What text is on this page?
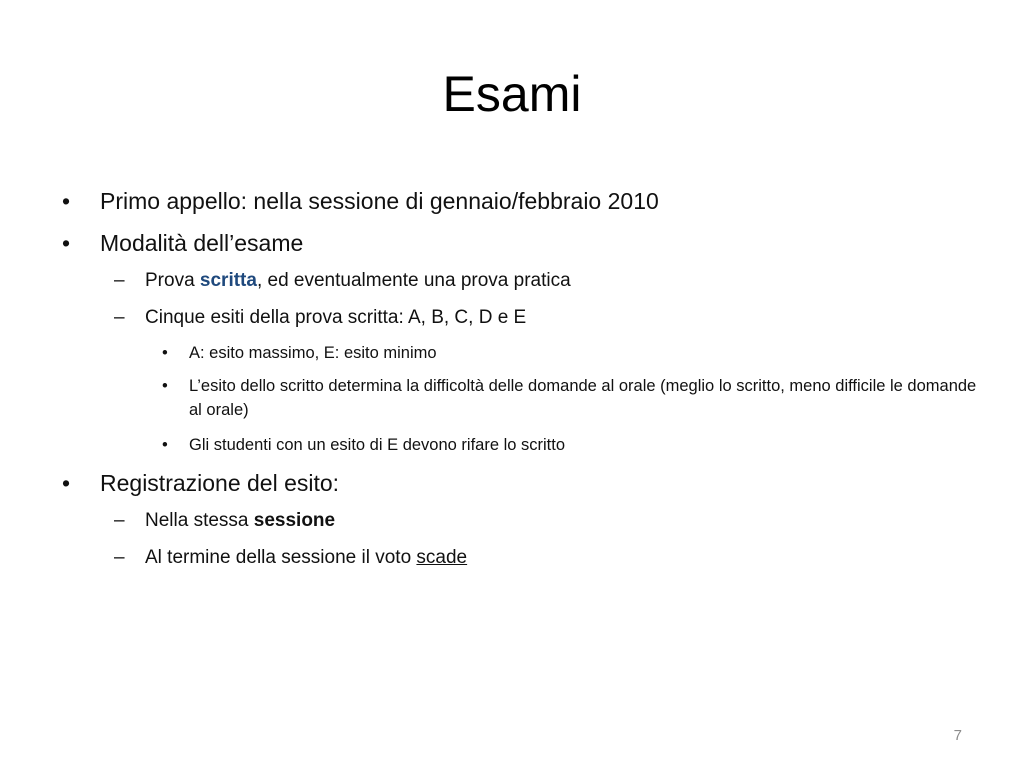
Esami
• Primo appello: nella sessione di gennaio/febbraio 2010
• Modalità dell’esame
– Prova scritta, ed eventualmente una prova pratica
– Cinque esiti della prova scritta: A, B, C, D e E
• A: esito massimo, E: esito minimo
• L’esito dello scritto determina la difficoltà delle domande al orale (meglio lo scritto, meno difficile le domande al orale)
• Gli studenti con un esito di E devono rifare lo scritto
• Registrazione del esito:
– Nella stessa sessione
– Al termine della sessione il voto scade
7
